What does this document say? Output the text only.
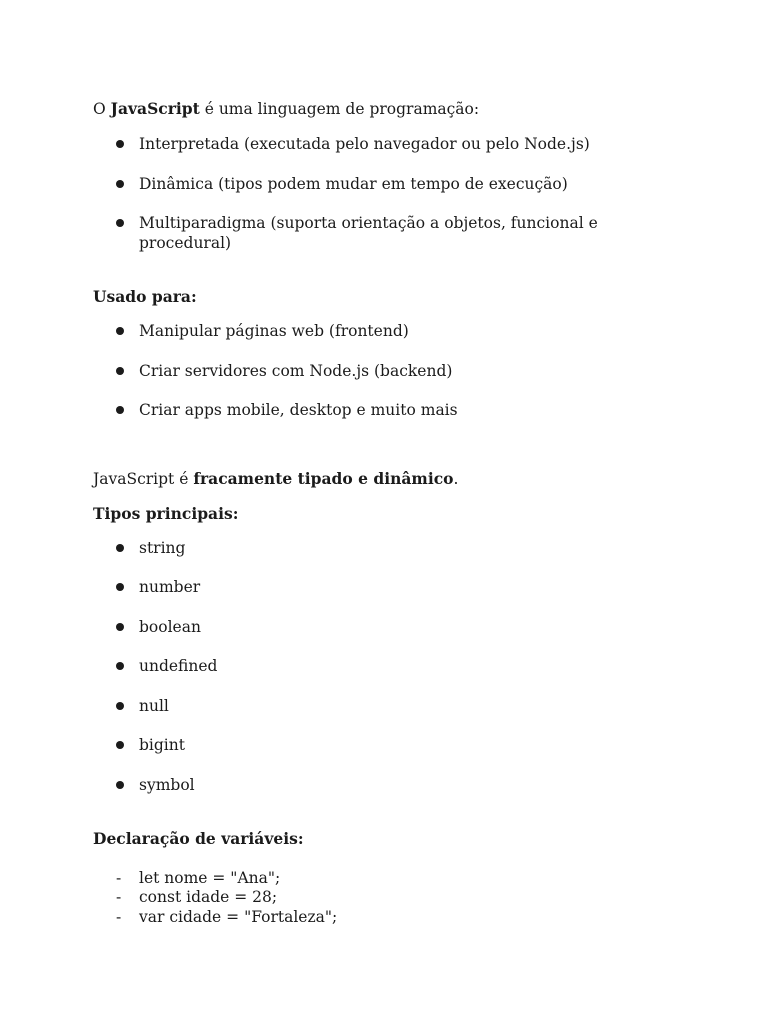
O JavaScript é uma linguagem de programação:
Interpretada (executada pelo navegador ou pelo Node.js)
Dinâmica (tipos podem mudar em tempo de execução)
Multiparadigma (suporta orientação a objetos, funcional e
procedural)
Usado para:
Manipular páginas web (frontend)
Criar servidores com Node.js (backend)
Criar apps mobile, desktop e muito mais
JavaScript é fracamente tipado e dinâmico.
Tipos principais:
string
number
boolean
undefined
null
bigint
symbol
Declaração de variáveis:
- let nome = "Ana";
- const idade = 28;
- var cidade = "Fortaleza";
